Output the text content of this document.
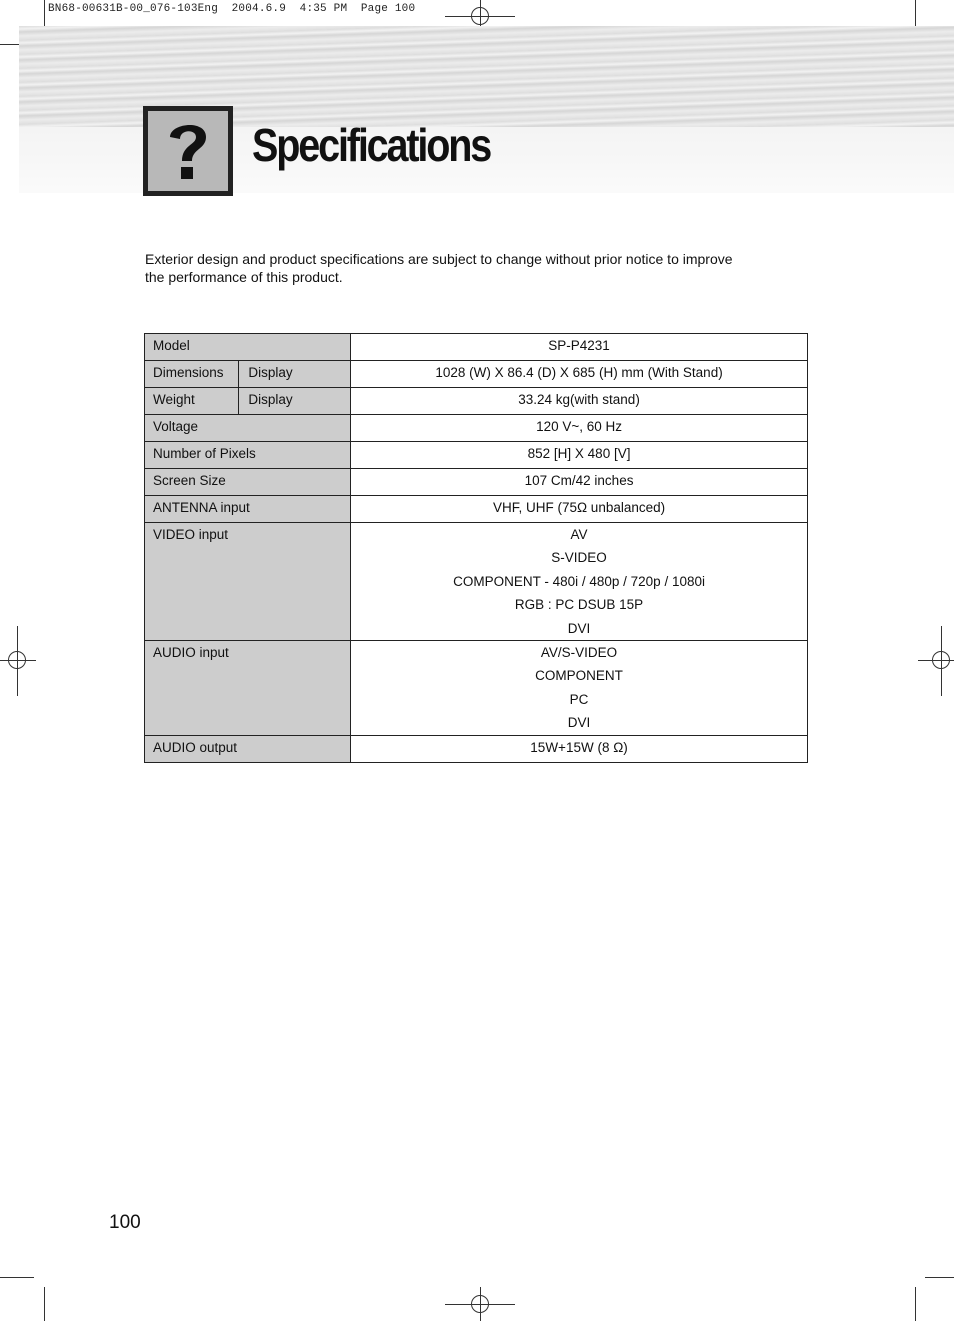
BN68-00631B-00_076-103Eng  2004.6.9  4:35 PM  Page 100
Specifications
Exterior design and product specifications are subject to change without prior notice to improve
the performance of this product.
Model		SP-P4231

Dimensions	Display	1028 (W) X 86.4 (D) X 685 (H) mm (With Stand)

Weight	Display	33.24 kg(with stand)

Voltage		120 V~, 60 Hz

Number of Pixels		852 [H] X 480 [V]

Screen Size		107 Cm/42 inches

ANTENNA input		VHF, UHF (75Ω unbalanced)

VIDEO input		AV
S-VIDEO
COMPONENT - 480i / 480p / 720p / 1080i
RGB : PC DSUB 15P
DVI

AUDIO input		AV/S-VIDEO
COMPONENT
PC
DVI

AUDIO output		15W+15W (8 Ω)
100
